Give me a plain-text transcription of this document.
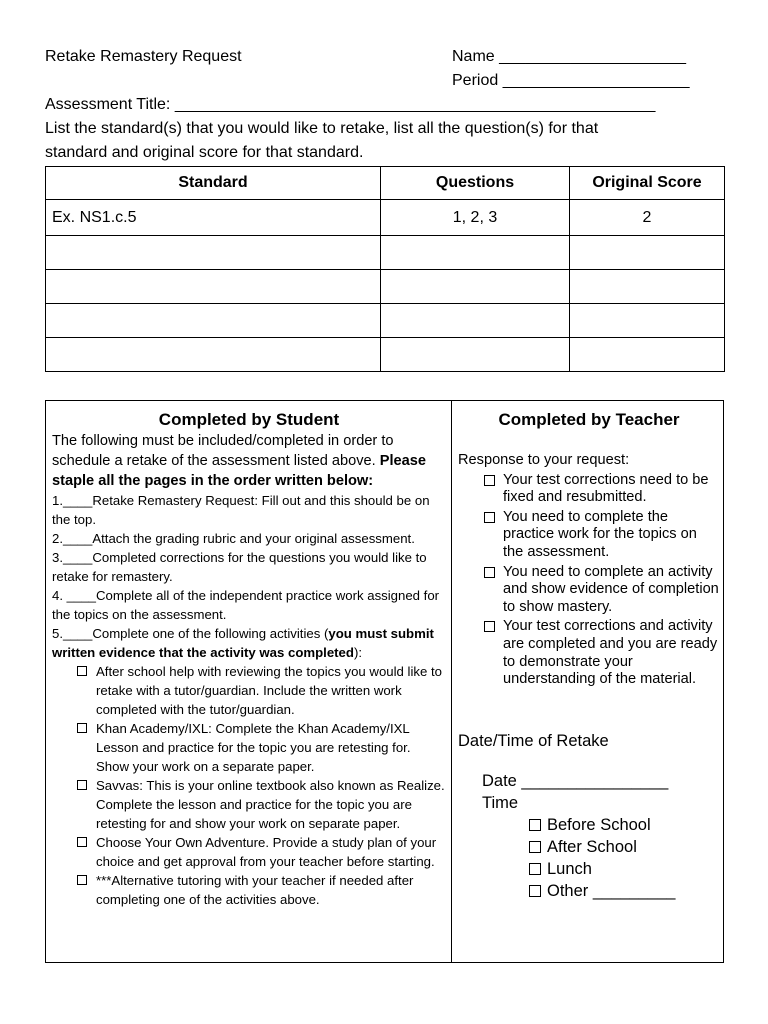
Retake Remastery Request	Name _____________________
Period _____________________
Assessment Title: ______________________________________________________
List the standard(s) that you would like to retake, list all the question(s) for that
standard and original score for that standard.
Standard	Questions	Original Score
Ex. NS1.c.5	1, 2, 3	2

Completed by Student
The following must be included/completed in order to schedule a retake of the assessment listed above. Please staple all the pages in the order written below:
1.____Retake Remastery Request: Fill out and this should be on the top.
2.____Attach the grading rubric and your original assessment.
3.____Completed corrections for the questions you would like to retake for remastery.
4. ____Complete all of the independent practice work assigned for the topics on the assessment.
5.____Complete one of the following activities (you must submit written evidence that the activity was completed):
After school help with reviewing the topics you would like to retake with a tutor/guardian. Include the written work completed with the tutor/guardian.
Khan Academy/IXL: Complete the Khan Academy/IXL Lesson and practice for the topic you are retesting for. Show your work on a separate paper.
Savvas: This is your online textbook also known as Realize. Complete the lesson and practice for the topic you are retesting for and show your work on separate paper.
Choose Your Own Adventure. Provide a study plan of your choice and get approval from your teacher before starting.
***Alternative tutoring with your teacher if needed after completing one of the activities above.
Completed by Teacher
Response to your request:
Your test corrections need to be fixed and resubmitted.
You need to complete the practice work for the topics on the assessment.
You need to complete an activity and show evidence of completion to show mastery.
Your test corrections and activity are completed and you are ready to demonstrate your understanding of the material.
Date/Time of Retake
Date ________________
Time
Before School
After School
Lunch
Other _________
